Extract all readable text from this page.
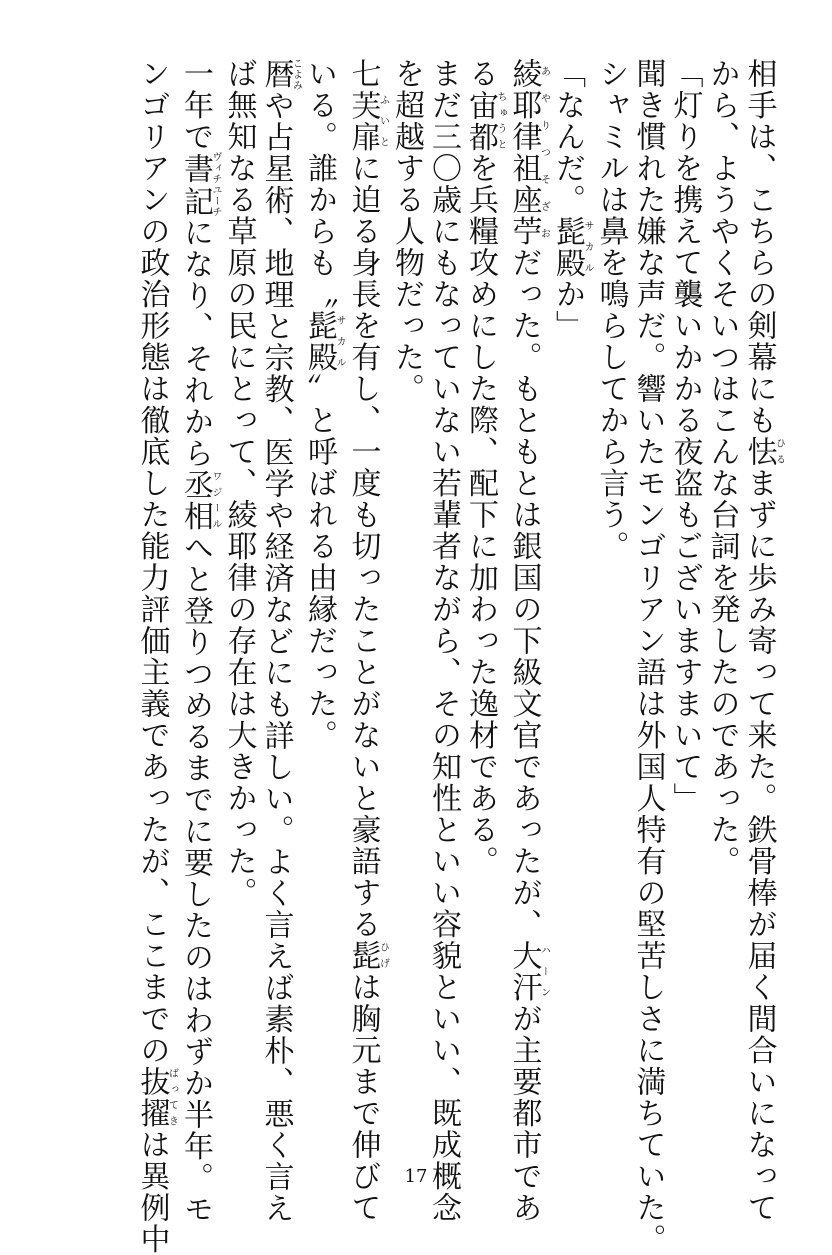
相手は、こちらの剣幕にも怯ひるまずに歩み寄って来た。鉄骨棒が届く間合いになって
から、ようやくそいつはこんな台詞を発したのであった。
「灯りを携えて襲いかかる夜盗もございますまいて」
聞き慣れた嫌な声だ。響いたモンゴリアン語は外国人特有の堅苦しさに満ちていた。
シャミルは鼻を鳴らしてから言う。
「なんだ。髭殿サカルか」
綾耶律祖座苧あやりつそざおだった。もともとは銀国の下級文官であったが、大汗ハーンが主要都市であ
る宙都ちゅうとを兵糧攻めにした際、配下に加わった逸材である。
まだ三〇歳にもなっていない若輩者ながら、その知性といい容貌といい、既成概念
を超越する人物だった。
七芙扉ふいとに迫る身長を有し、一度も切ったことがないと豪語する髭ひげは胸元まで伸びて
いる。誰からも〝髭殿サカル〟と呼ばれる由縁だった。
暦こよみや占星術、地理と宗教、医学や経済などにも詳しい。よく言えば素朴、悪く言え
ば無知なる草原の民にとって、綾耶律の存在は大きかった。
一年で書記ヴィチユーチになり、それから丞相ワジールへと登りつめるまでに要したのはわずか半年。モ
ンゴリアンの政治形態は徹底した能力評価主義であったが、ここまでの抜擢ばってきは異例中	17
